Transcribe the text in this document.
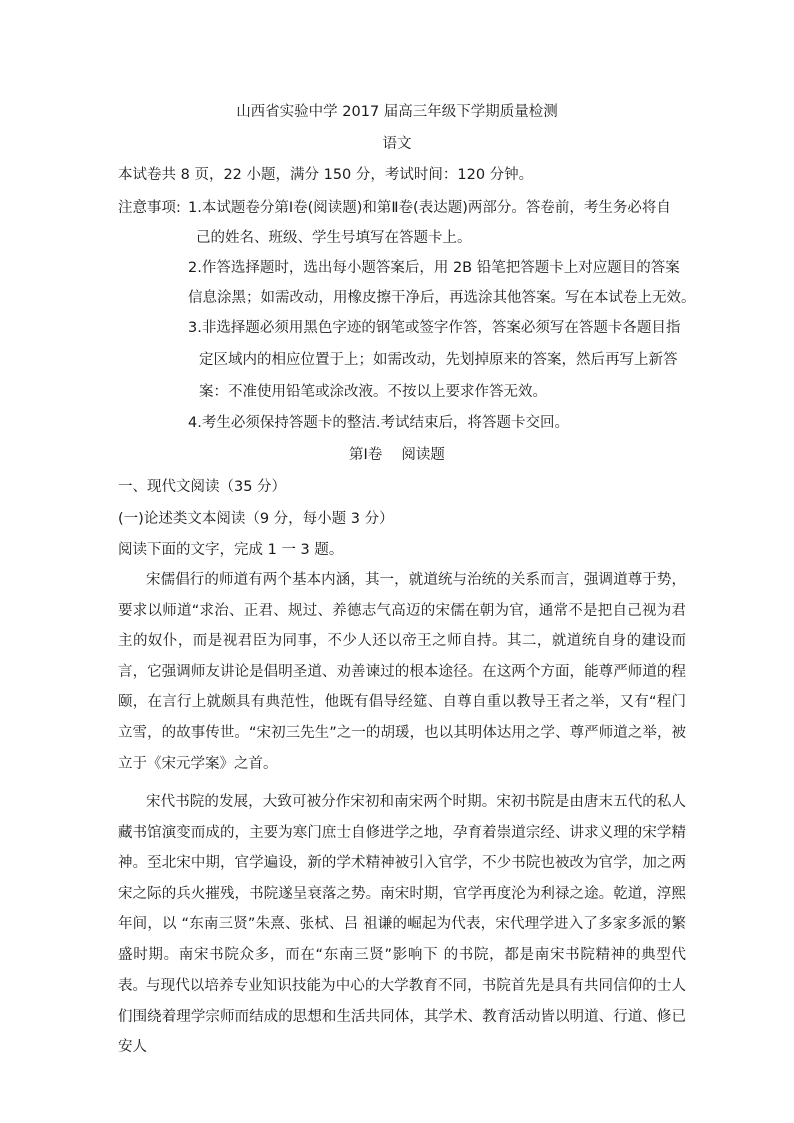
山西省实验中学 2017 届高三年级下学期质量检测
语文
本试卷共 8 页，22 小题，满分 150 分，考试时间：120 分钟。
注意事项: 1.本试题卷分第Ⅰ卷(阅读题)和第Ⅱ卷(表达题)两部分。答卷前，考生务必将自
己的姓名、班级、学生号填写在答题卡上。
2.作答选择题时，选出每小题答案后，用 2B 铅笔把答题卡上对应题目的答案
信息涂黑；如需改动，用橡皮擦干净后，再选涂其他答案。写在本试卷上无效。
3.非选择题必须用黑色字迹的钢笔或签字作答，答案必须写在答题卡各题目指
定区域内的相应位置于上；如需改动，先划掉原来的答案，然后再写上新答
案：不准使用铅笔或涂改液。不按以上要求作答无效。
4.考生必须保持答题卡的整洁.考试结束后，将答题卡交回。
第Ⅰ卷　 阅读题
一、现代文阅读（35 分）
(一)论述类文本阅读（9 分，每小题 3 分）
阅读下面的文字，完成 1 一 3 题。

宋儒倡行的师道有两个基本内涵，其一，就道统与治统的关系而言，强调道尊于势，要求以师道“求治、正君、规过、养德志气高迈的宋儒在朝为官，通常不是把自己视为君主的奴仆，而是视君臣为同事，不少人还以帝王之师自持。其二，就道统自身的建设而言，它强调师友讲论是倡明圣道、劝善谏过的根本途径。在这两个方面，能尊严师道的程颐，在言行上就颇具有典范性，他既有倡导经筵、自尊自重以教导王者之举，又有“程门立雪，的故事传世。“宋初三先生”之一的胡瑗，也以其明体达用之学、尊严师道之举，被立于《宋元学案》之首。

宋代书院的发展，大致可被分作宋初和南宋两个时期。宋初书院是由唐末五代的私人藏书馆演变而成的，主要为寒门庶士自修进学之地，孕育着崇道宗经、讲求义理的宋学精神。至北宋中期，官学遍设，新的学术精神被引入官学，不少书院也被改为官学，加之两宋之际的兵火摧残，书院遂呈衰落之势。南宋时期，官学再度沦为利禄之途。乾道，淳熙年间，以 “东南三贤”朱熹、张栻、吕 祖谦的崛起为代表，宋代理学进入了多家多派的繁盛时期。南宋书院众多，而在“东南三贤”影响下 的书院，都是南宋书院精神的典型代表。 与现代以培养专业知识技能为中心的大学教育不同，书院首先是具有共同信仰的士人们围绕着理学宗师而结成的思想和生活共同体，其学术、教育活动皆以明道、行道、修已安人
